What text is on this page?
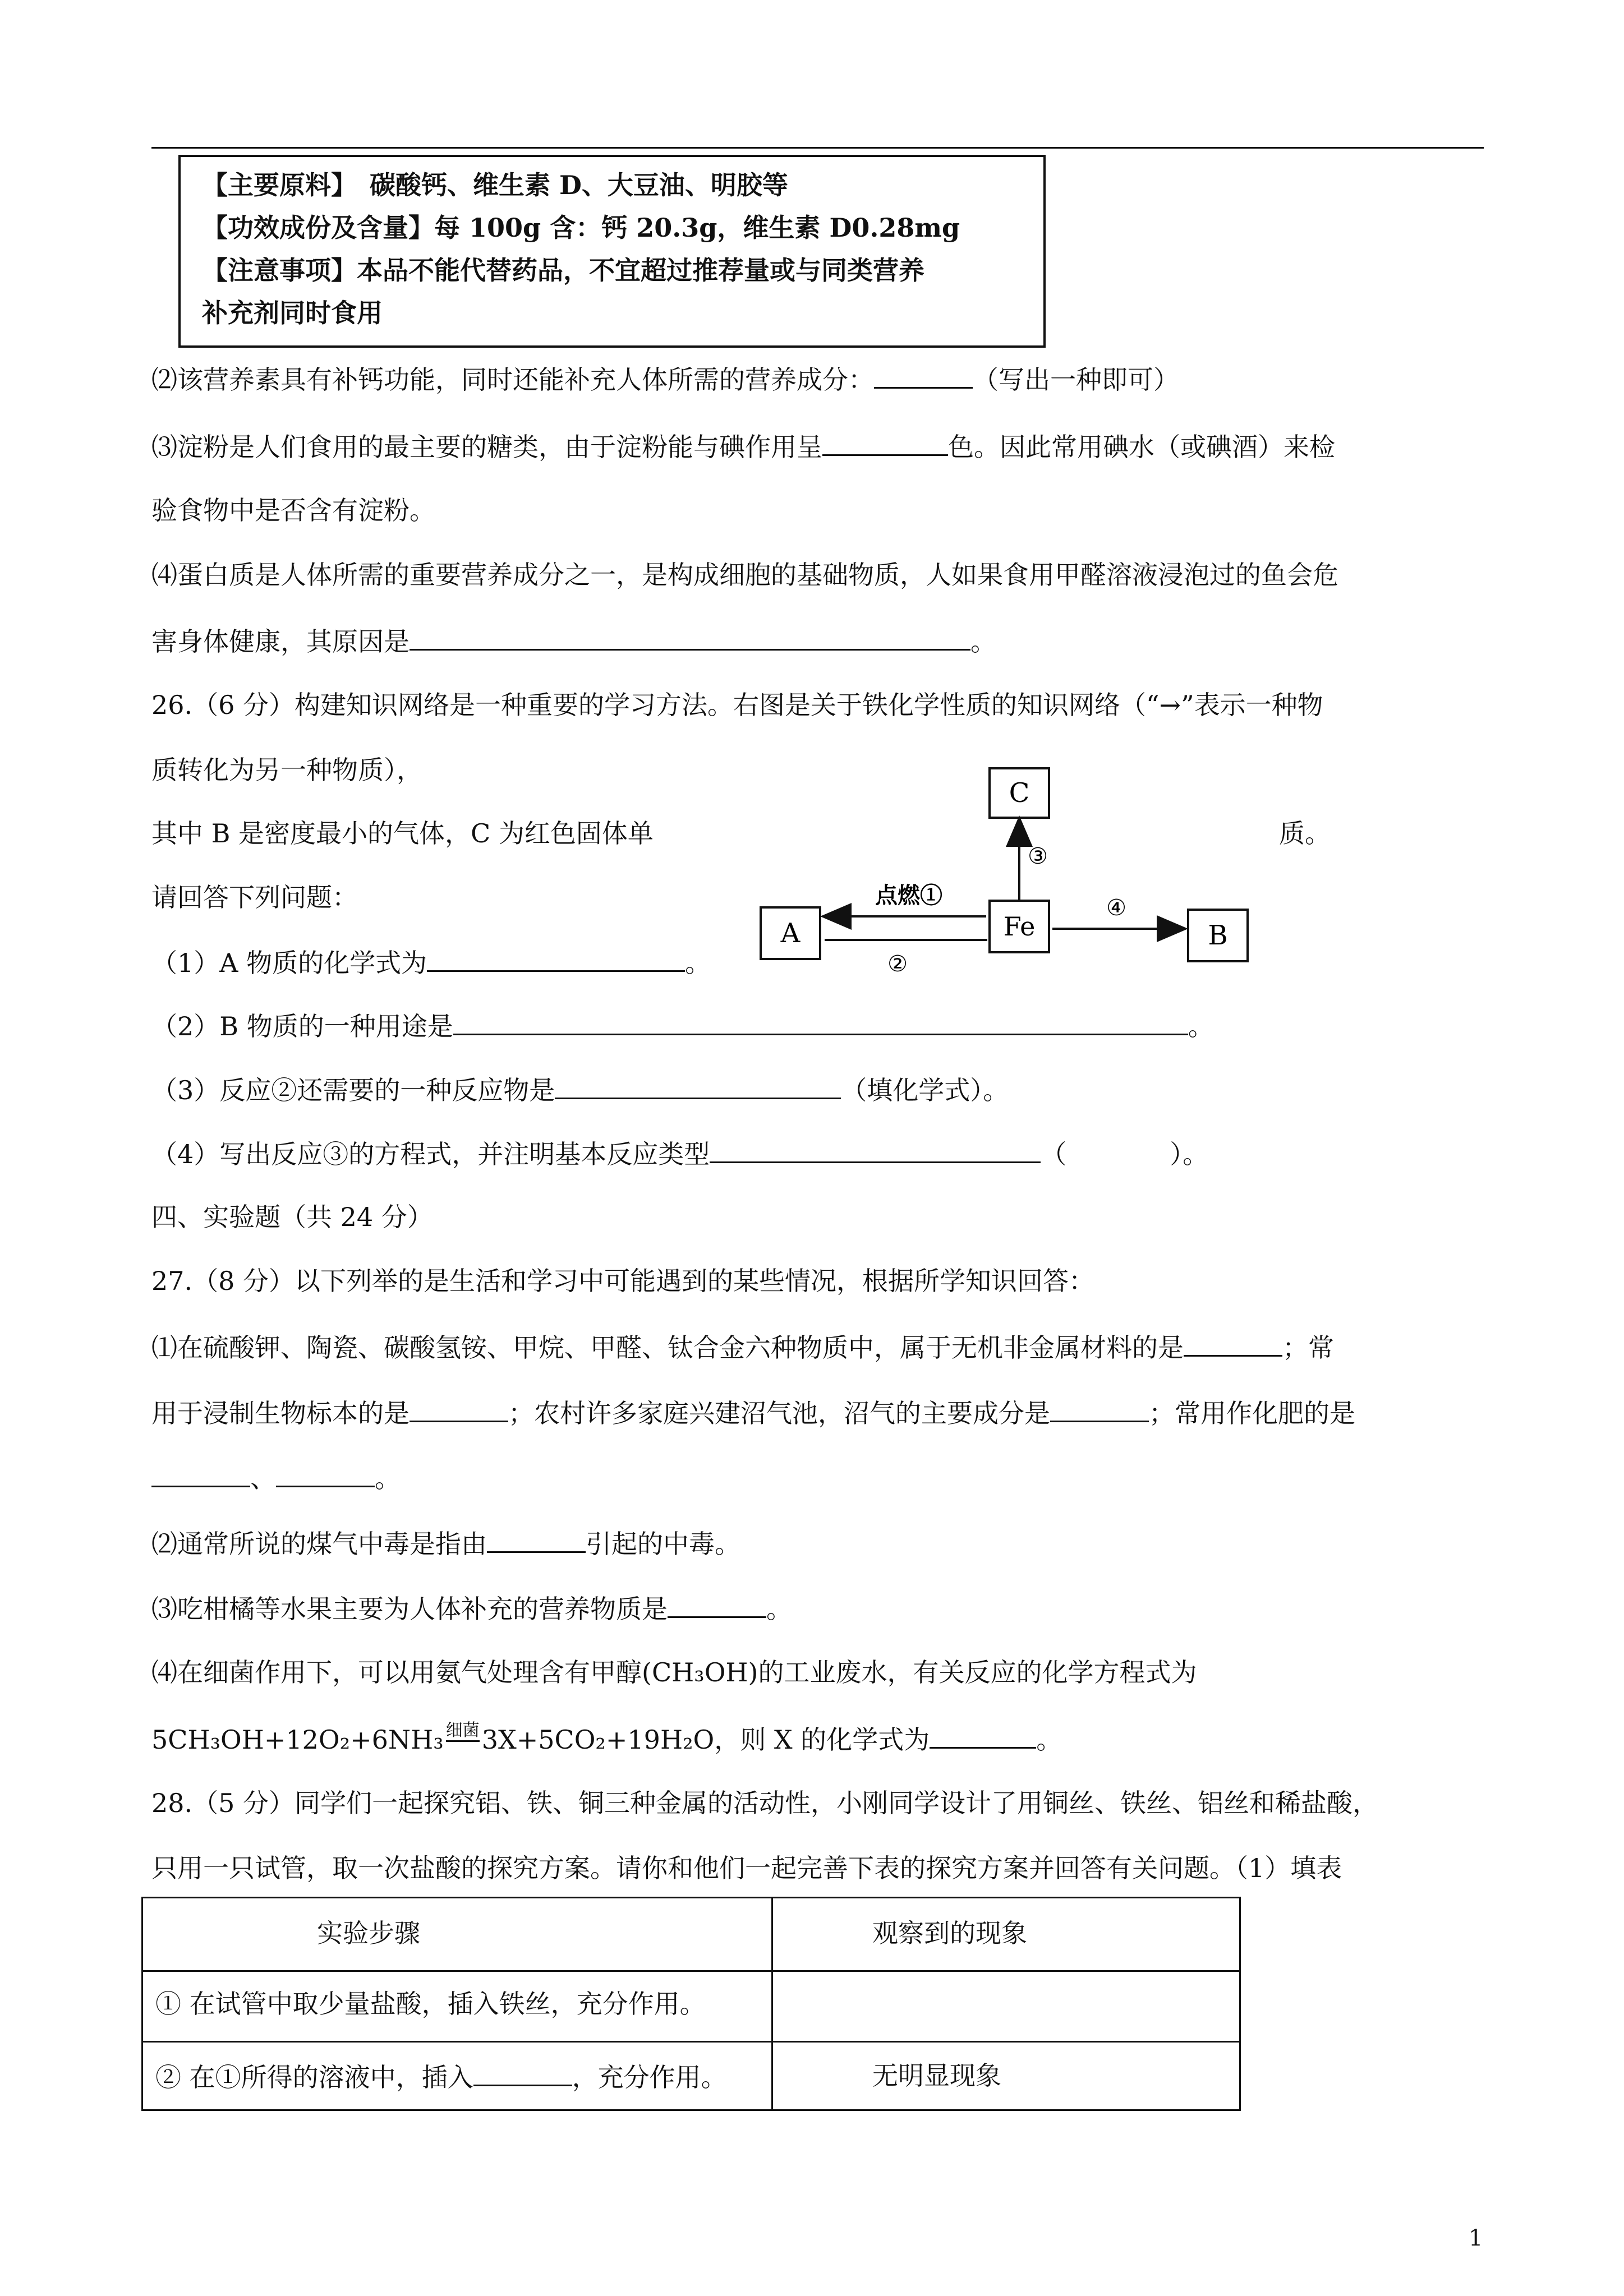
【主要原料】　碳酸钙、维生素 D、大豆油、明胶等
【功效成份及含量】每 100g 含：钙 20.3g，维生素 D0.28mg
【注意事项】本品不能代替药品，不宜超过推荐量或与同类营养
补充剂同时食用
⑵该营养素具有补钙功能，同时还能补充人体所需的营养成分：	（写出一种即可）
⑶淀粉是人们食用的最主要的糖类，由于淀粉能与碘作用呈	色。因此常用碘水（或碘酒）来检
验食物中是否含有淀粉。
⑷蛋白质是人体所需的重要营养成分之一，是构成细胞的基础物质，人如果食用甲醛溶液浸泡过的鱼会危
害身体健康，其原因是	。
26.（6 分）构建知识网络是一种重要的学习方法。右图是关于铁化学性质的知识网络（“→”表示一种物
质转化为另一种物质），
其中 B 是密度最小的气体，C 为红色固体单	质。
请回答下列问题：
（1）A 物质的化学式为	。
（2）B 物质的一种用途是	。
（3）反应②还需要的一种反应物是	（填化学式）。
（4）写出反应③的方程式，并注明基本反应类型	（　　　　）。
C
Fe
A	B
③
点燃①
②
④
四、实验题（共 24 分）
27.（8 分）以下列举的是生活和学习中可能遇到的某些情况，根据所学知识回答：
⑴在硫酸钾、陶瓷、碳酸氢铵、甲烷、甲醛、钛合金六种物质中，属于无机非金属材料的是	；常
用于浸制生物标本的是	；农村许多家庭兴建沼气池，沼气的主要成分是	；常用作化肥的是
、	。
⑵通常所说的煤气中毒是指由	引起的中毒。
⑶吃柑橘等水果主要为人体补充的营养物质是	。
⑷在细菌作用下，可以用氨气处理含有甲醇(CH₃OH)的工业废水，有关反应的化学方程式为
5CH₃OH+12O₂+6NH₃ 细菌3X+5CO₂+19H₂O，则 X 的化学式为	。
28.（5 分）同学们一起探究铝、铁、铜三种金属的活动性，小刚同学设计了用铜丝、铁丝、铝丝和稀盐酸，
只用一只试管，取一次盐酸的探究方案。请你和他们一起完善下表的探究方案并回答有关问题。（1）填表
实验步骤	观察到的现象
① 在试管中取少量盐酸，插入铁丝，充分作用。
② 在①所得的溶液中，插入	，充分作用。	无明显现象
1
